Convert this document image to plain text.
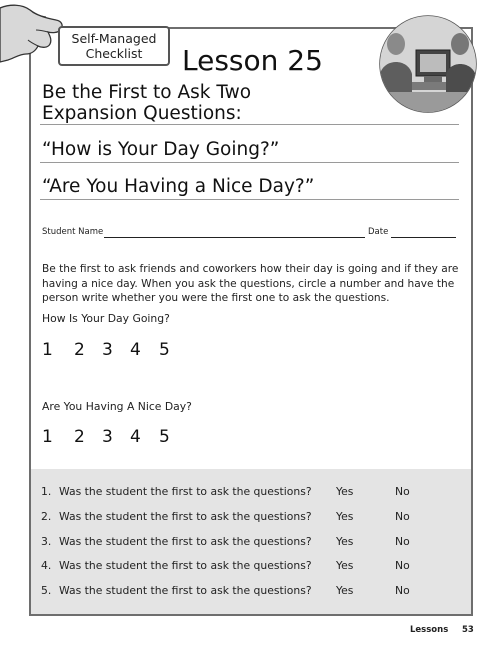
Self-Managed
Checklist	Lesson 25
Be the First to Ask Two
Expansion Questions:
“How is Your Day Going?”
“Are You Having a Nice Day?”
Student Name	Date
Be the first to ask friends and coworkers how their day is going and if they are having a nice day. When you ask the questions, circle a number and have the person write whether you were the first one to ask the questions.
How Is Your Day Going?
1 2 3 4 5
Are You Having A Nice Day?
1 2 3 4 5
1. Was the student the first to ask the questions? Yes	No
2. Was the student the first to ask the questions? Yes	No
3. Was the student the first to ask the questions? Yes	No
4. Was the student the first to ask the questions? Yes	No
5. Was the student the first to ask the questions? Yes	No
Lessons 53
